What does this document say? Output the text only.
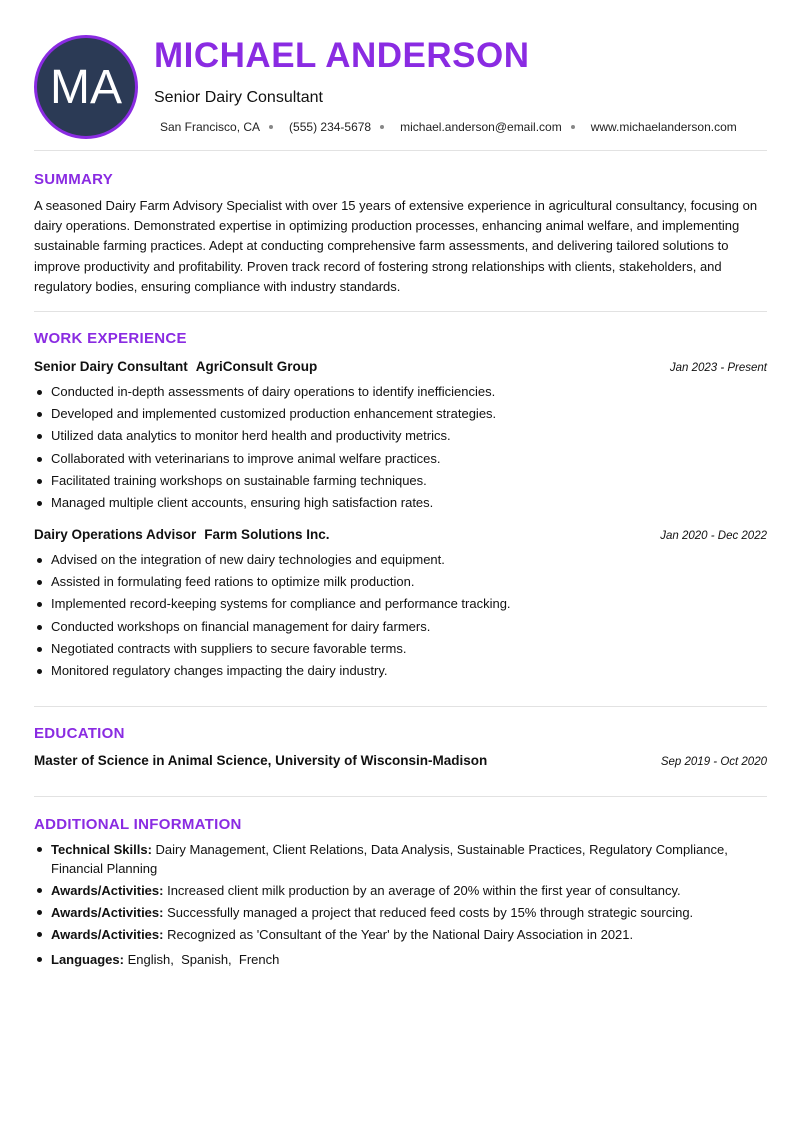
MA
MICHAEL ANDERSON
Senior Dairy Consultant
San Francisco, CA (555) 234-5678 michael.anderson@email.com www.michaelanderson.com
SUMMARY

A seasoned Dairy Farm Advisory Specialist with over 15 years of extensive experience in agricultural consultancy, focusing on dairy operations. Demonstrated expertise in optimizing production processes, enhancing animal welfare, and implementing sustainable farming practices. Adept at conducting comprehensive farm assessments, and delivering tailored solutions to improve productivity and profitability. Proven track record of fostering strong relationships with clients, stakeholders, and regulatory bodies, ensuring compliance with industry standards.

WORK EXPERIENCE
Senior Dairy Consultant AgriConsult Group	Jan 2023 - Present
Conducted in-depth assessments of dairy operations to identify inefficiencies.
Developed and implemented customized production enhancement strategies.
Utilized data analytics to monitor herd health and productivity metrics.
Collaborated with veterinarians to improve animal welfare practices.
Facilitated training workshops on sustainable farming techniques.
Managed multiple client accounts, ensuring high satisfaction rates.
Dairy Operations Advisor Farm Solutions Inc.	Jan 2020 - Dec 2022
Advised on the integration of new dairy technologies and equipment.
Assisted in formulating feed rations to optimize milk production.
Implemented record-keeping systems for compliance and performance tracking.
Conducted workshops on financial management for dairy farmers.
Negotiated contracts with suppliers to secure favorable terms.
Monitored regulatory changes impacting the dairy industry.
EDUCATION
Master of Science in Animal Science, University of Wisconsin-Madison	Sep 2019 - Oct 2020
ADDITIONAL INFORMATION
Technical Skills: Dairy Management, Client Relations, Data Analysis, Sustainable Practices, Regulatory Compliance, Financial Planning
Awards/Activities: Increased client milk production by an average of 20% within the first year of consultancy.
Awards/Activities: Successfully managed a project that reduced feed costs by 15% through strategic sourcing.
Awards/Activities: Recognized as 'Consultant of the Year' by the National Dairy Association in 2021.
Languages: English,  Spanish,  French
